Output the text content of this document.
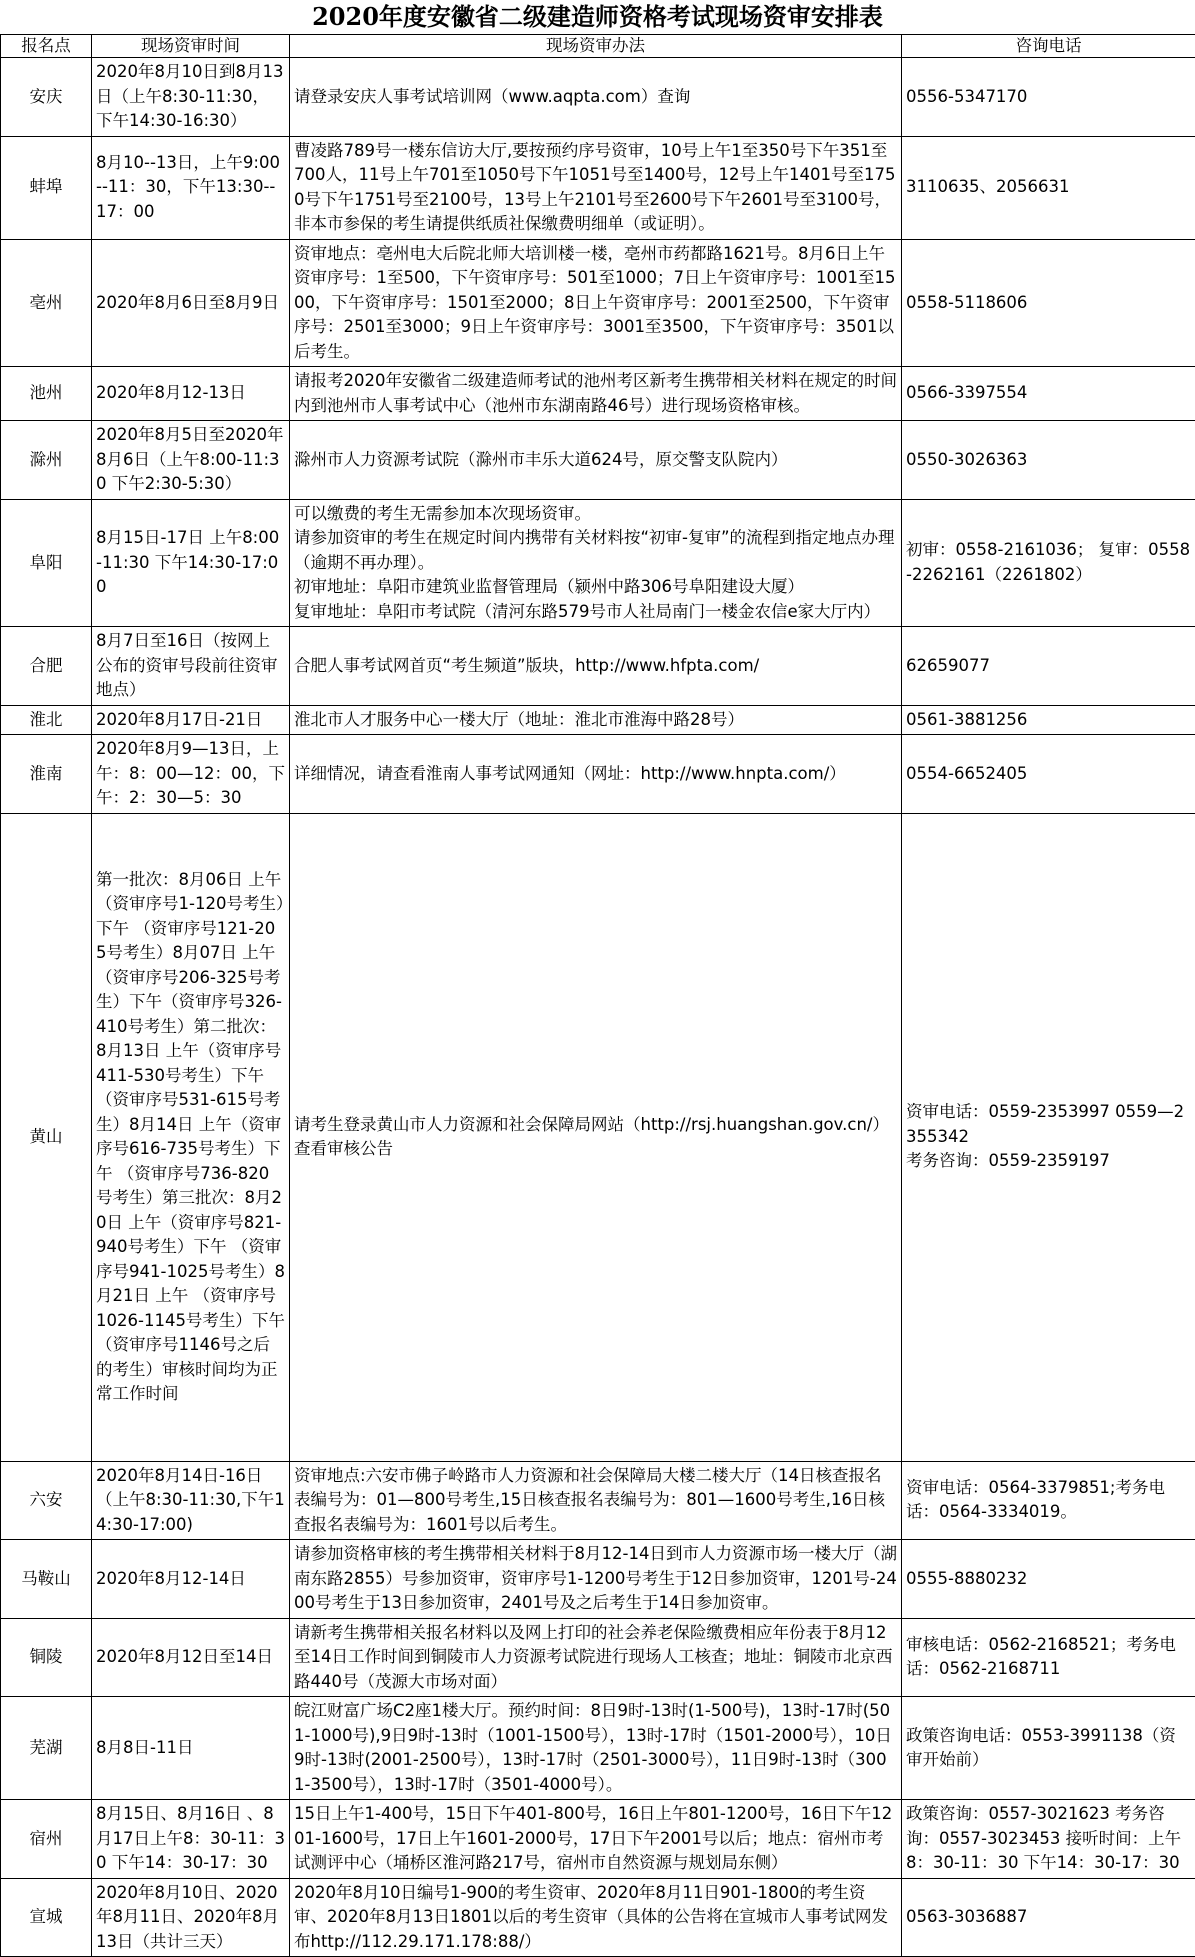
2020年度安徽省二级建造师资格考试现场资审安排表
报名点	现场资审时间	现场资审办法	咨询电话
安庆	2020年8月10日到8月13日（上午8:30-11:30，下午14:30-16:30）	请登录安庆人事考试培训网（www.aqpta.com）查询	0556-5347170

蚌埠	8月10--13日，上午9:00--11：30，下午13:30--17：00	曹凌路789号一楼东信访大厅,要按预约序号资审，10号上午1至350号下午351至700人，11号上午701至1050号下午1051号至1400号，12号上午1401号至1750号下午1751号至2100号，13号上午2101号至2600号下午2601号至3100号，非本市参保的考生请提供纸质社保缴费明细单（或证明）。	3110635、2056631

亳州	2020年8月6日至8月9日	资审地点：亳州电大后院北师大培训楼一楼，亳州市药都路1621号。8月6日上午资审序号：1至500，下午资审序号：501至1000；7日上午资审序号：1001至1500，下午资审序号：1501至2000；8日上午资审序号：2001至2500，下午资审序号：2501至3000；9日上午资审序号：3001至3500，下午资审序号：3501以后考生。	0558-5118606

池州	2020年8月12-13日	请报考2020年安徽省二级建造师考试的池州考区新考生携带相关材料在规定的时间内到池州市人事考试中心（池州市东湖南路46号）进行现场资格审核。	0566-3397554

滁州	2020年8月5日至2020年8月6日（上午8:00-11:30 下午2:30-5:30）	滁州市人力资源考试院（滁州市丰乐大道624号，原交警支队院内）	0550-3026363

阜阳	8月15日-17日 上午8:00-11:30 下午14:30-17:00	可以缴费的考生无需参加本次现场资审。
请参加资审的考生在规定时间内携带有关材料按“初审-复审”的流程到指定地点办理（逾期不再办理）。
初审地址：阜阳市建筑业监督管理局（颍州中路306号阜阳建设大厦）
复审地址：阜阳市考试院（清河东路579号市人社局南门一楼金农信e家大厅内）	初审：0558-2161036； 复审：0558-2262161（2261802）

合肥	8月7日至16日（按网上公布的资审号段前往资审地点）	合肥人事考试网首页“考生频道”版块，http://www.hfpta.com/	62659077

淮北	2020年8月17日-21日	淮北市人才服务中心一楼大厅（地址：淮北市淮海中路28号）	0561-3881256

淮南	2020年8月9—13日，上午：8：00—12：00，下午：2：30—5：30	详细情况，请查看淮南人事考试网通知（网址：http://www.hnpta.com/）	0554-6652405

黄山	第一批次：8月06日 上午（资审序号1-120号考生）下午 （资审序号121-205号考生）8月07日 上午 （资审序号206-325号考生）下午（资审序号326-410号考生）第二批次：8月13日 上午（资审序号411-530号考生）下午 （资审序号531-615号考生）8月14日 上午（资审序号616-735号考生）下午 （资审序号736-820号考生）第三批次：8月20日 上午（资审序号821-940号考生）下午 （资审序号941-1025号考生）8月21日 上午 （资审序号1026-1145号考生）下午 （资审序号1146号之后的考生）审核时间均为正常工作时间	请考生登录黄山市人力资源和社会保障局网站（http://rsj.huangshan.gov.cn/）查看审核公告	资审电话：0559-2353997 0559—2355342
考务咨询：0559-2359197

六安	2020年8月14日-16日（上午8:30-11:30,下午14:30-17:00)	资审地点:六安市佛子岭路市人力资源和社会保障局大楼二楼大厅（14日核查报名表编号为：01—800号考生,15日核查报名表编号为：801—1600号考生,16日核查报名表编号为：1601号以后考生。	资审电话：0564-3379851;考务电话：0564-3334019。

马鞍山	2020年8月12-14日	请参加资格审核的考生携带相关材料于8月12-14日到市人力资源市场一楼大厅（湖南东路2855）号参加资审，资审序号1-1200号考生于12日参加资审，1201号-2400号考生于13日参加资审，2401号及之后考生于14日参加资审。	0555-8880232

铜陵	2020年8月12日至14日	请新考生携带相关报名材料以及网上打印的社会养老保险缴费相应年份表于8月12至14日工作时间到铜陵市人力资源考试院进行现场人工核查；地址：铜陵市北京西路440号（茂源大市场对面）	审核电话：0562-2168521；考务电话：0562-2168711

芜湖	8月8日-11日	皖江财富广场C2座1楼大厅。预约时间：8日9时-13时(1-500号)，13时-17时(501-1000号),9日9时-13时（1001-1500号），13时-17时（1501-2000号），10日9时-13时(2001-2500号），13时-17时（2501-3000号），11日9时-13时（3001-3500号），13时-17时（3501-4000号）。	政策咨询电话：0553-3991138（资审开始前）

宿州	8月15日、8月16日 、8月17日上午8：30-11：30 下午14：30-17：30	15日上午1-400号，15日下午401-800号，16日上午801-1200号，16日下午1201-1600号，17日上午1601-2000号，17日下午2001号以后；地点：宿州市考试测评中心（埇桥区淮河路217号，宿州市自然资源与规划局东侧）	政策咨询：0557-3021623 考务咨询：0557-3023453 接听时间：上午8：30-11：30 下午14：30-17：30

宣城	2020年8月10日、2020年8月11日、2020年8月13日（共计三天）	2020年8月10日编号1-900的考生资审、2020年8月11日901-1800的考生资审、2020年8月13日1801以后的考生资审（具体的公告将在宣城市人事考试网发布http://112.29.171.178:88/）	0563-3036887
